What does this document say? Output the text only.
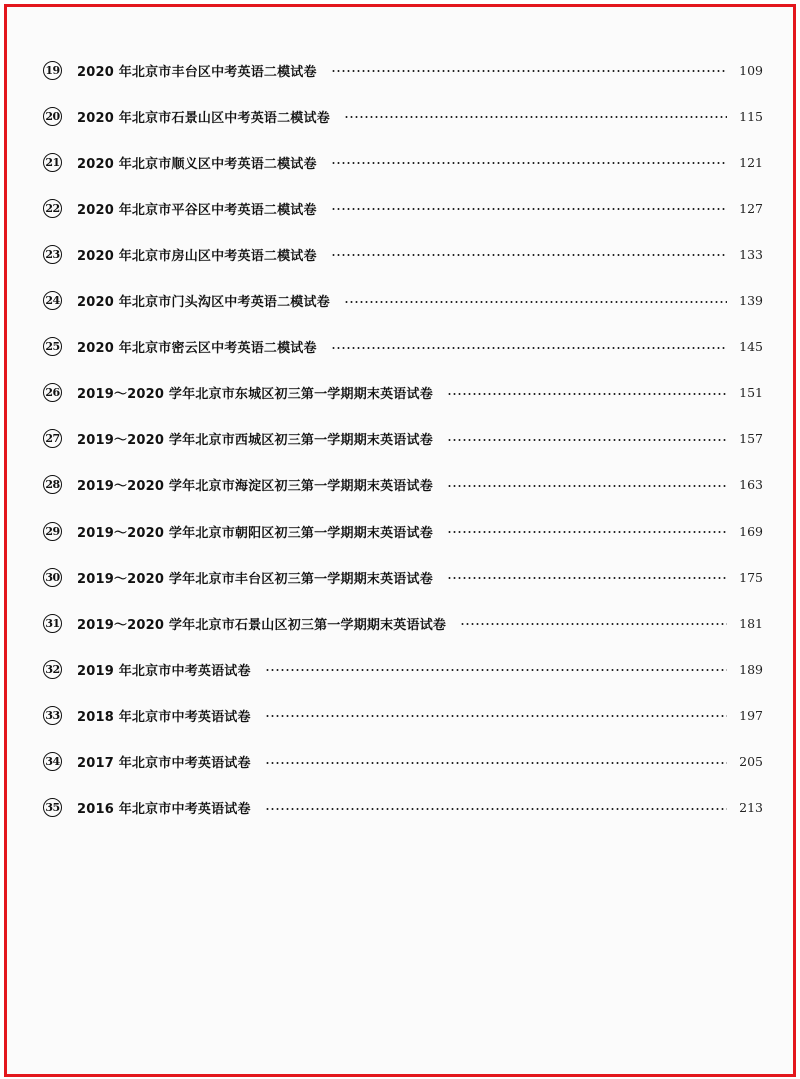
19 2020 年北京市丰台区中考英语二模试卷	109
20 2020 年北京市石景山区中考英语二模试卷	115
21 2020 年北京市顺义区中考英语二模试卷	121
22 2020 年北京市平谷区中考英语二模试卷	127
23 2020 年北京市房山区中考英语二模试卷	133
24 2020 年北京市门头沟区中考英语二模试卷	139
25 2020 年北京市密云区中考英语二模试卷	145
26 2019～2020 学年北京市东城区初三第一学期期末英语试卷	151
27 2019～2020 学年北京市西城区初三第一学期期末英语试卷	157
28 2019～2020 学年北京市海淀区初三第一学期期末英语试卷	163
29 2019～2020 学年北京市朝阳区初三第一学期期末英语试卷	169
30 2019～2020 学年北京市丰台区初三第一学期期末英语试卷	175
31 2019～2020 学年北京市石景山区初三第一学期期末英语试卷	181
32 2019 年北京市中考英语试卷	189
33 2018 年北京市中考英语试卷	197
34 2017 年北京市中考英语试卷	205
35 2016 年北京市中考英语试卷	213
